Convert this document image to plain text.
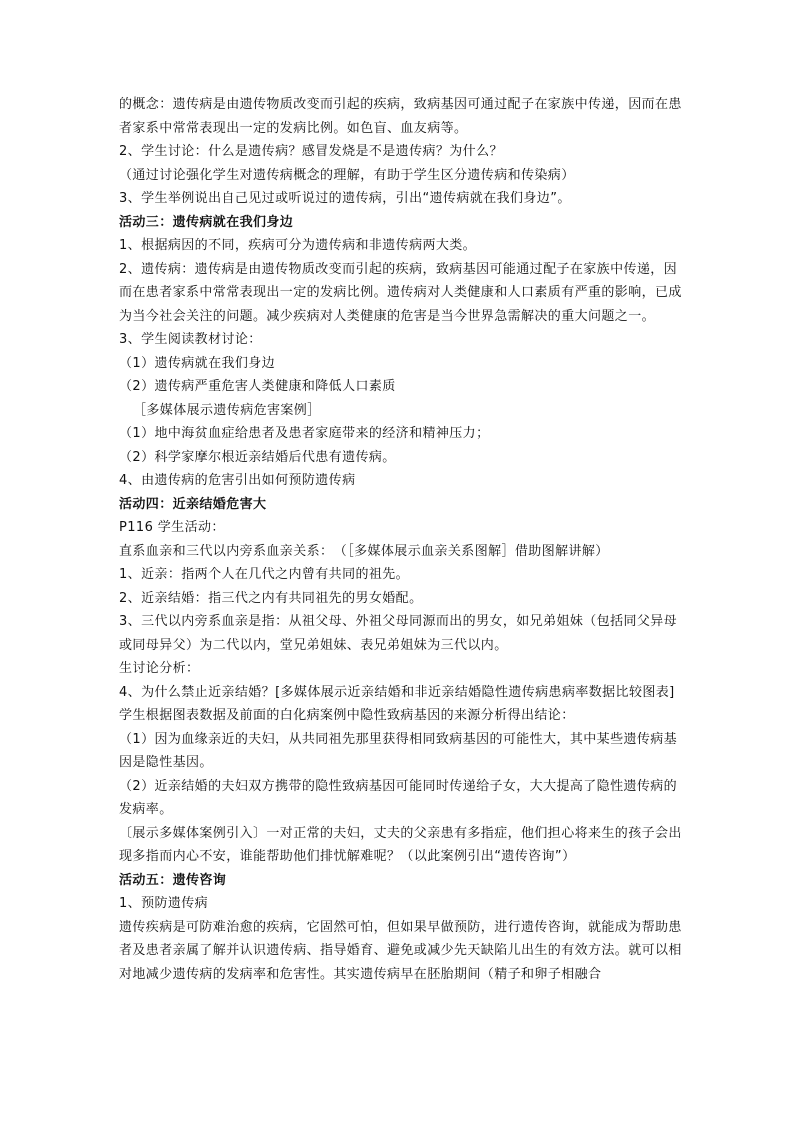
的概念：遗传病是由遗传物质改变而引起的疾病，致病基因可通过配子在家族中传递，因而在患者家系中常常表现出一定的发病比例。如色盲、血友病等。

2、学生讨论：什么是遗传病？感冒发烧是不是遗传病？为什么？

（通过讨论强化学生对遗传病概念的理解，有助于学生区分遗传病和传染病）

3、学生举例说出自己见过或听说过的遗传病，引出“遗传病就在我们身边”。

活动三：遗传病就在我们身边

1、根据病因的不同，疾病可分为遗传病和非遗传病两大类。

2、遗传病：遗传病是由遗传物质改变而引起的疾病，致病基因可能通过配子在家族中传递，因而在患者家系中常常表现出一定的发病比例。遗传病对人类健康和人口素质有严重的影响，已成为当今社会关注的问题。减少疾病对人类健康的危害是当今世界急需解决的重大问题之一。

3、学生阅读教材讨论：

（1）遗传病就在我们身边

（2）遗传病严重危害人类健康和降低人口素质

［多媒体展示遗传病危害案例］

（1）地中海贫血症给患者及患者家庭带来的经济和精神压力；

（2）科学家摩尔根近亲结婚后代患有遗传病。

4、由遗传病的危害引出如何预防遗传病

活动四：近亲结婚危害大

P116 学生活动：

直系血亲和三代以内旁系血亲关系：　（［多媒体展示血亲关系图解］借助图解讲解）

1、近亲：指两个人在几代之内曾有共同的祖先。

2、近亲结婚：指三代之内有共同祖先的男女婚配。

3、三代以内旁系血亲是指：从祖父母、外祖父母同源而出的男女，如兄弟姐妹（包括同父异母或同母异父）为二代以内，堂兄弟姐妹、表兄弟姐妹为三代以内。

生讨论分析：

4、为什么禁止近亲结婚？[多媒体展示近亲结婚和非近亲结婚隐性遗传病患病率数据比较图表]学生根据图表数据及前面的白化病案例中隐性致病基因的来源分析得出结论：

（1）因为血缘亲近的夫妇，从共同祖先那里获得相同致病基因的可能性大，其中某些遗传病基因是隐性基因。

（2）近亲结婚的夫妇双方携带的隐性致病基因可能同时传递给子女，大大提高了隐性遗传病的发病率。

〔展示多媒体案例引入〕一对正常的夫妇，丈夫的父亲患有多指症，他们担心将来生的孩子会出现多指而内心不安，谁能帮助他们排忧解难呢？（以此案例引出“遗传咨询”）

活动五：遗传咨询

1、预防遗传病

遗传疾病是可防难治愈的疾病，它固然可怕，但如果早做预防，进行遗传咨询，就能成为帮助患者及患者亲属了解并认识遗传病、指导婚育、避免或减少先天缺陷儿出生的有效方法。就可以相对地减少遗传病的发病率和危害性。其实遗传病早在胚胎期间（精子和卵子相融合
